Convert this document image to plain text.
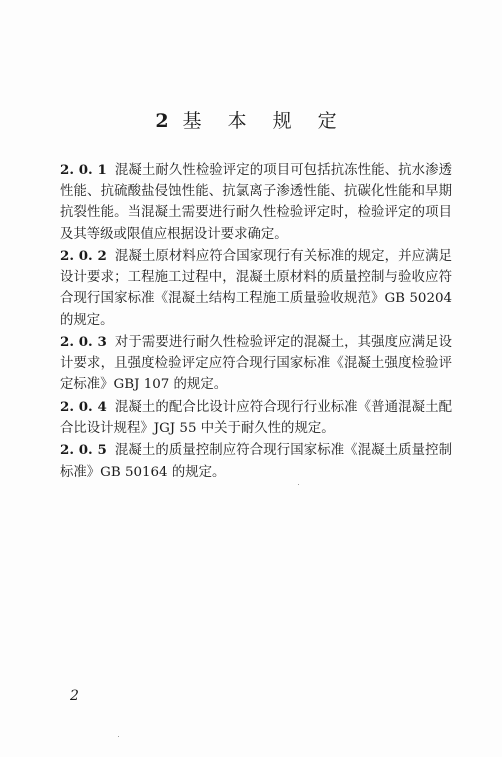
2 基 本 规 定

2. 0. 1 混凝土耐久性检验评定的项目可包括抗冻性能、抗水渗透性能、抗硫酸盐侵蚀性能、抗氯离子渗透性能、抗碳化性能和早期抗裂性能。当混凝土需要进行耐久性检验评定时，检验评定的项目及其等级或限值应根据设计要求确定。

2. 0. 2 混凝土原材料应符合国家现行有关标准的规定，并应满足设计要求；工程施工过程中，混凝土原材料的质量控制与验收应符合现行国家标准《混凝土结构工程施工质量验收规范》GB 50204 的规定。

2. 0. 3 对于需要进行耐久性检验评定的混凝土，其强度应满足设计要求，且强度检验评定应符合现行国家标准《混凝土强度检验评定标准》GBJ 107 的规定。

2. 0. 4 混凝土的配合比设计应符合现行行业标准《普通混凝土配合比设计规程》JGJ 55 中关于耐久性的规定。

2. 0. 5 混凝土的质量控制应符合现行国家标准《混凝土质量控制标准》GB 50164 的规定。

2
